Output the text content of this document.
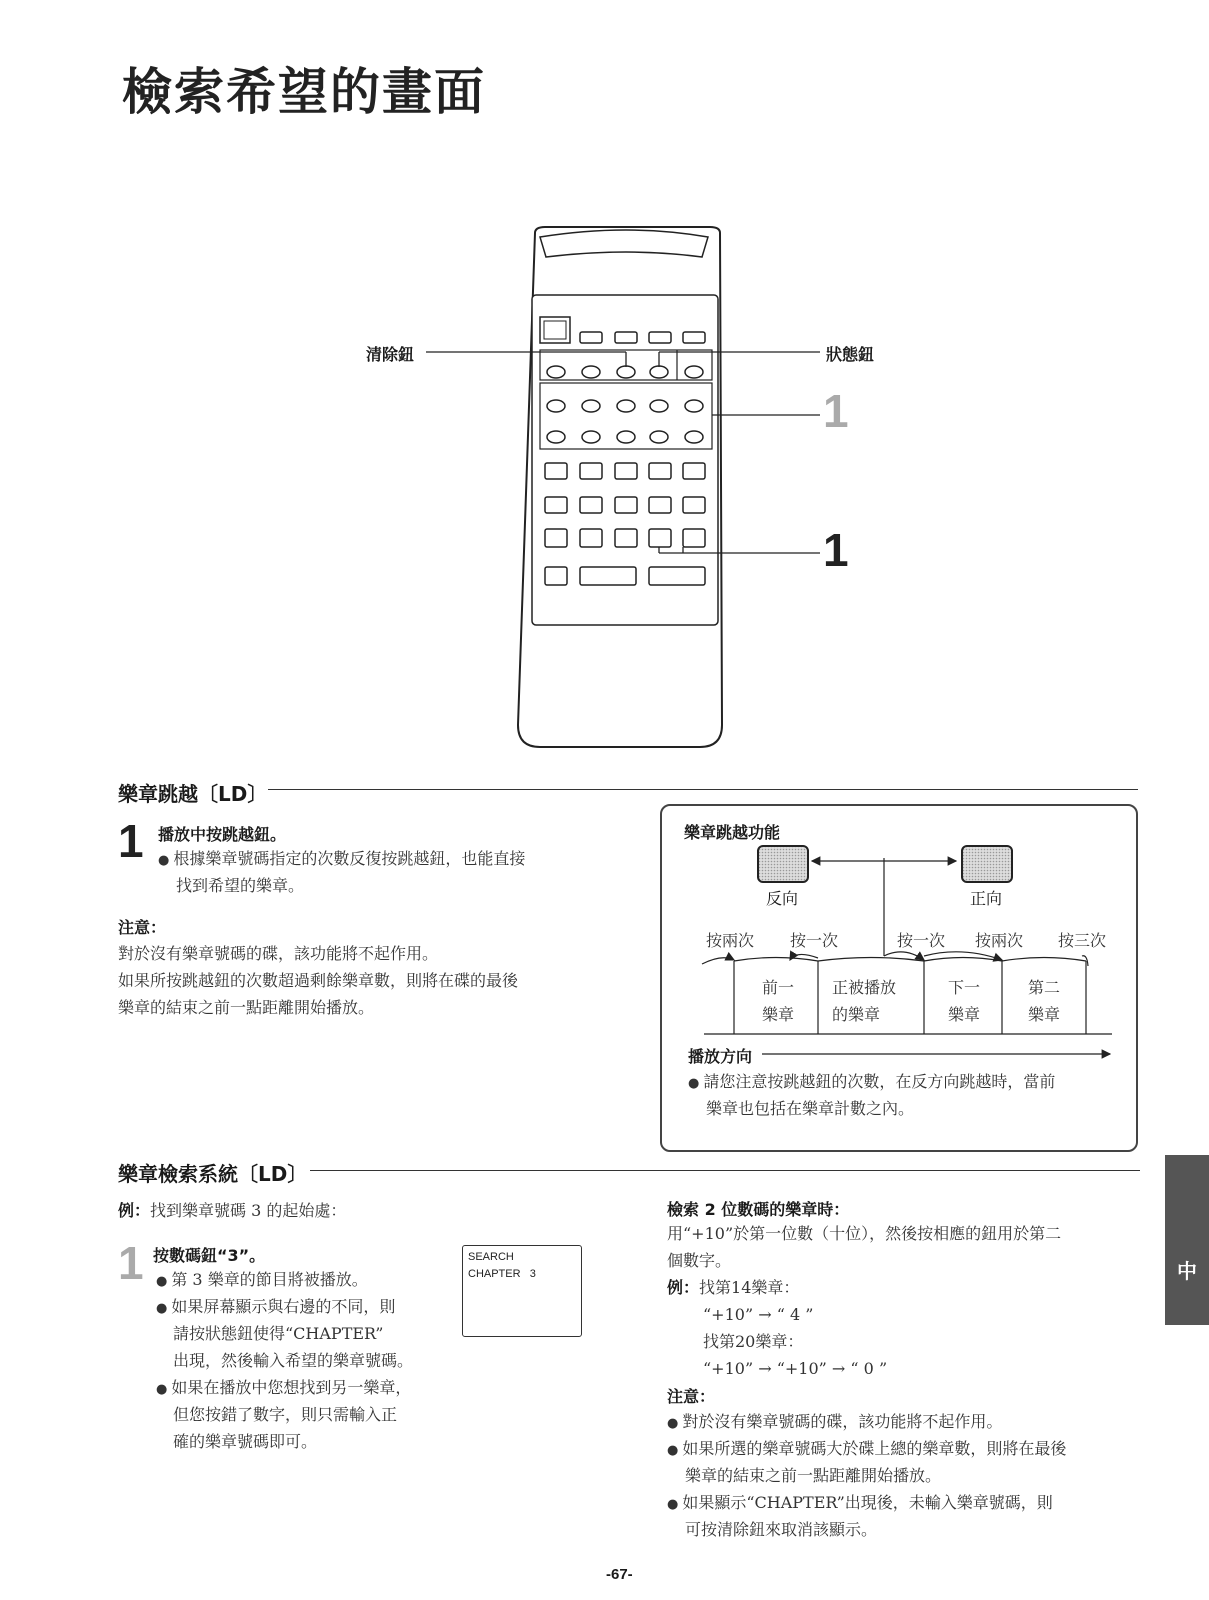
檢索希望的畫面
清除鈕	狀態鈕
1
1
樂章跳越〔LD〕
1 播放中按跳越鈕。
● 根據樂章號碼指定的次數反復按跳越鈕，也能直接
找到希望的樂章。
注意：
對於沒有樂章號碼的碟，該功能將不起作用。
如果所按跳越鈕的次數超過剩餘樂章數，則將在碟的最後
樂章的結束之前一點距離開始播放。
樂章跳越功能
反向	正向
按兩次 按一次	按一次 按兩次 按三次
前一
樂章
正被播放
的樂章
下一
樂章
第二
樂章
播放方向
● 請您注意按跳越鈕的次數，在反方向跳越時，當前
樂章也包括在樂章計數之內。
樂章檢索系統〔LD〕
例：找到樂章號碼 3 的起始處：
1 按數碼鈕“3”。
● 第 3 樂章的節目將被播放。
● 如果屏幕顯示與右邊的不同，則
請按狀態鈕使得“CHAPTER”
出現，然後輸入希望的樂章號碼。
● 如果在播放中您想找到另一樂章，
但您按錯了數字，則只需輸入正
確的樂章號碼即可。
SEARCH
CHAPTER   3
檢索 2 位數碼的樂章時：
用“+10”於第一位數（十位），然後按相應的鈕用於第二
個數字。
例：找第14樂章：
“+10” → “ 4 ”
找第20樂章：
“+10” → “+10” → “ 0 ”
注意：
● 對於沒有樂章號碼的碟，該功能將不起作用。
● 如果所選的樂章號碼大於碟上總的樂章數，則將在最後
樂章的結束之前一點距離開始播放。
● 如果顯示“CHAPTER”出現後，未輸入樂章號碼，則
可按清除鈕來取消該顯示。
中
-67-
